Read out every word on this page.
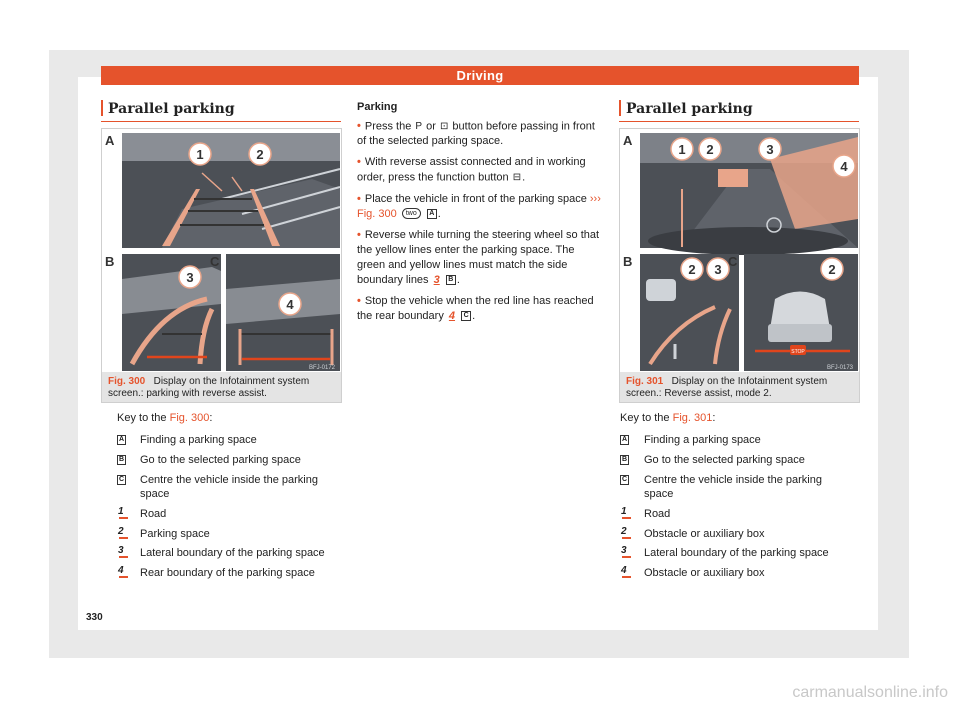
Driving
Parallel parking
1	2
A
3
B
4
C
BFJ-0172
Fig. 300 Display on the Infotainment system screen.: parking with reverse assist.
Key to the Fig. 300:
A Finding a parking space
B Go to the selected parking space
C Centre the vehicle inside the parking space
1 Road
2 Parking space
3 Lateral boundary of the parking space
4 Rear boundary of the parking space
Parking

• Press the P or ⊡ button before passing in front of the selected parking space.

• With reverse assist connected and in working order, press the function button ⊟.

• Place the vehicle in front of the parking space ››› Fig. 300 two A .

• Reverse while turning the steering wheel so that the yellow lines enter the parking space. The green and yellow lines must match the side boundary lines 3 B .

• Stop the vehicle when the red line has reached the rear boundary 4 C .

Parallel parking
1 2	3
4
A
2 3
B
STOP
2
C
BFJ-0173
Fig. 301 Display on the Infotainment system screen.: Reverse assist, mode 2.
Key to the Fig. 301:
A Finding a parking space
B Go to the selected parking space
C Centre the vehicle inside the parking space
1 Road
2 Obstacle or auxiliary box
3 Lateral boundary of the parking space
4 Obstacle or auxiliary box
330
carmanualsonline.info
